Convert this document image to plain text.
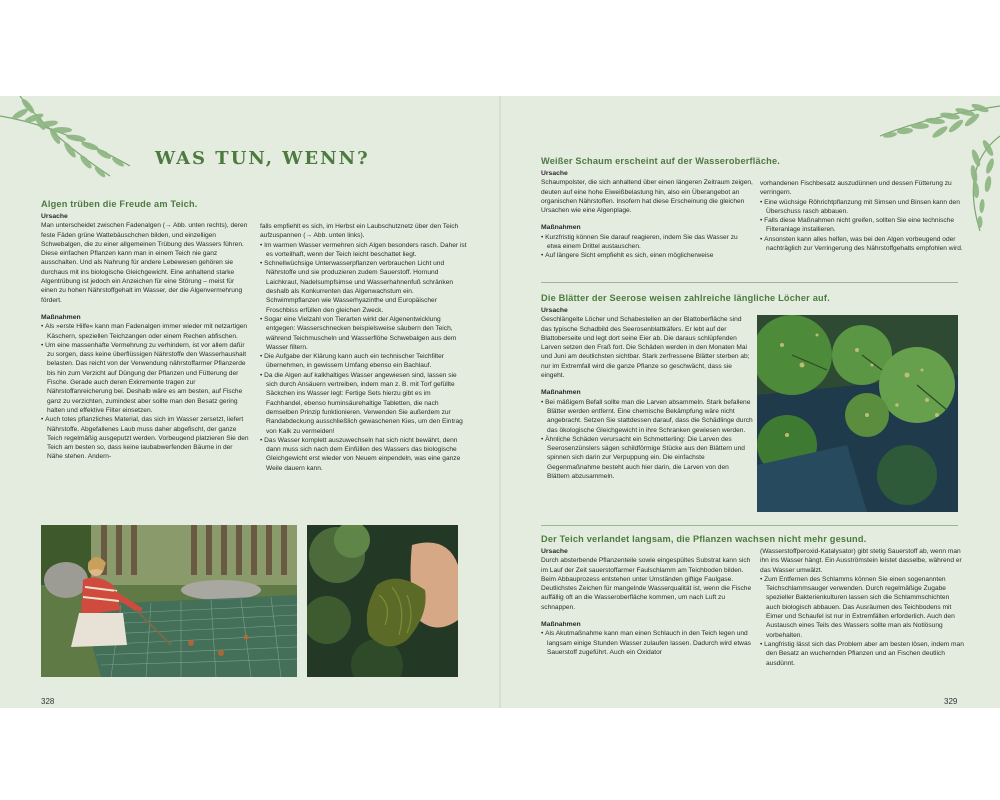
WAS TUN, WENN?
Algen trüben die Freude am Teich.
Ursache

Man unterscheidet zwischen Fadenalgen (→ Abb. unten rechts), deren feste Fäden grüne Wattebäuschchen bilden, und einzelligen Schwebalgen, die zu einer allgemeinen Trübung des Wassers führen. Diese einfachen Pflanzen kann man in einem Teich nie ganz ausschalten. Und als Nahrung für andere Lebewesen gehören sie durchaus mit ins biologische Gleichgewicht. Eine anhaltend starke Algentrübung ist jedoch ein Anzeichen für eine Störung – meist für einen zu hohen Nährstoffgehalt im Wasser, der die Algenvermehrung fördert.

Maßnahmen
• Als »erste Hilfe« kann man Fadenalgen immer wieder mit netzartigen Käschern, speziellen Teichzangen oder einem Rechen abfischen.
• Um eine massenhafte Vermehrung zu verhindern, ist vor allem dafür zu sorgen, dass keine überflüssigen Nährstoffe den Wasserhaushalt belasten. Das reicht von der Verwendung nährstoffarmer Pflanzerde bis hin zum Verzicht auf Düngung der Pflanzen und Fütterung der Fische. Gerade auch deren Exkremente tragen zur Nährstoffanreicherung bei. Deshalb wäre es am besten, auf Fische ganz zu verzichten, zumindest aber sollte man den Besatz gering halten und effektive Filter einsetzen.
• Auch totes pflanzliches Material, das sich im Wasser zersetzt, liefert Nährstoffe. Abgefallenes Laub muss daher abgefischt, der ganze Teich regelmäßig ausgeputzt werden. Vorbeugend platzieren Sie den Teich am besten so, dass keine laubabwerfenden Bäume in der Nähe stehen. Andern-

falls empfiehlt es sich, im Herbst ein Laubschutznetz über den Teich aufzuspannen (→ Abb. unten links).

• Im warmen Wasser vermehren sich Algen besonders rasch. Daher ist es vorteilhaft, wenn der Teich leicht beschattet liegt.
• Schnellwüchsige Unterwasserpflanzen verbrauchen Licht und Nährstoffe und sie produzieren zudem Sauerstoff. Hornund Laichkraut, Nadelsumpfsimse und Wasserhahnenfuß schränken deshalb als Konkurrenten das Algenwachstum ein. Schwimmpflanzen wie Wasserhyazinthe und Europäischer Froschbiss erfüllen den gleichen Zweck.
• Sogar eine Vielzahl von Tierarten wirkt der Algenentwicklung entgegen: Wasserschnecken beispielsweise säubern den Teich, während Teichmuscheln und Wasserflöhe Schwebalgen aus dem Wasser filtern.
• Die Aufgabe der Klärung kann auch ein technischer Teichfilter übernehmen, in gewissem Umfang ebenso ein Bachlauf.
• Da die Algen auf kalkhaltiges Wasser angewiesen sind, lassen sie sich durch Ansäuern vertreiben, indem man z. B. mit Torf gefüllte Säckchen ins Wasser legt: Fertige Sets hierzu gibt es im Fachhandel, ebenso huminsäurehaltige Tabletten, die nach demselben Prinzip funktionieren. Verwenden Sie außerdem zur Randabdeckung ausschließlich gewaschenen Kies, um den Eintrag von Kalk zu vermeiden!
• Das Wasser komplett auszuwechseln hat sich nicht bewährt, denn dann muss sich nach dem Einfüllen des Wassers das biologische Gleichgewicht erst wieder von Neuem einpendeln, was eine ganze Weile dauern kann.
328
Weißer Schaum erscheint auf der Wasseroberfläche.
Ursache

Schaumpolster, die sich anhaltend über einen längeren Zeitraum zeigen, deuten auf eine hohe Eiweißbelastung hin, also ein Überangebot an organischen Nährstoffen. Insofern hat diese Erscheinung die gleichen Ursachen wie eine Algenplage.

Maßnahmen
• Kurzfristig können Sie darauf reagieren, indem Sie das Wasser zu etwa einem Drittel austauschen.
• Auf längere Sicht empfiehlt es sich, einen möglicherweise

vorhandenen Fischbesatz auszudünnen und dessen Fütterung zu verringern.

• Eine wüchsige Röhrichtpflanzung mit Simsen und Binsen kann den Überschuss rasch abbauen.
• Falls diese Maßnahmen nicht greifen, sollten Sie eine technische Filteranlage installieren.
• Ansonsten kann alles helfen, was bei den Algen vorbeugend oder nachträglich zur Verringerung des Nährstoffgehalts empfohlen wird.
Die Blätter der Seerose weisen zahlreiche längliche Löcher auf.
Ursache

Geschlängelte Löcher und Schabestellen an der Blattoberfläche sind das typische Schadbild des Seerosenblattkäfers. Er lebt auf der Blattoberseite und legt dort seine Eier ab. Die daraus schlüpfenden Larven setzen den Fraß fort. Die Schäden werden in den Monaten Mai und Juni am deutlichsten sichtbar. Stark zerfressene Blätter sterben ab; nur im Extremfall wird die ganze Pflanze so geschwächt, dass sie eingeht.

Maßnahmen
• Bei mäßigem Befall sollte man die Larven absammeln. Stark befallene Blätter werden entfernt. Eine chemische Bekämpfung wäre nicht angebracht. Setzen Sie stattdessen darauf, dass die Schädlinge durch das ökologische Gleichgewicht in ihre Schranken gewiesen werden.
• Ähnliche Schäden verursacht ein Schmetterling: Die Larven des Seerosenzünslers sägen schildförmige Stücke aus den Blättern und spinnen sich darin zur Verpuppung ein. Die einfachste Gegenmaßnahme besteht auch hier darin, die Larven von den Blättern abzusammeln.
Der Teich verlandet langsam, die Pflanzen wachsen nicht mehr gesund.
Ursache

Durch absterbende Pflanzenteile sowie eingespültes Substrat kann sich im Lauf der Zeit sauerstoffarmer Faulschlamm am Teichboden bilden. Beim Abbauprozess entstehen unter Umständen giftige Faulgase. Deutlichstes Zeichen für mangelnde Wasserqualität ist, wenn die Fische auffällig oft an die Wasseroberfläche kommen, um nach Luft zu schnappen.

Maßnahmen
• Als Akutmaßnahme kann man einen Schlauch in den Teich legen und langsam einige Stunden Wasser zulaufen lassen. Dadurch wird etwas Sauerstoff zugeführt. Auch ein Oxidator

(Wasserstoffperoxid-Katalysator) gibt stetig Sauerstoff ab, wenn man ihn ins Wasser hängt. Ein Ausströmstein leistet dasselbe, während er das Wasser umwälzt.

• Zum Entfernen des Schlamms können Sie einen sogenannten Teichschlammsauger verwenden. Durch regelmäßige Zugabe spezieller Bakterienkulturen lassen sich die Schlammschichten auch biologisch abbauen. Das Ausräumen des Teichbodens mit Eimer und Schaufel ist nur in Extremfällen erforderlich. Auch den Austausch eines Teils des Wassers sollte man als Notlösung vorbehalten.
• Langfristig lässt sich das Problem aber am besten lösen, indem man den Besatz an wuchernden Pflanzen und an Fischen deutlich ausdünnt.
329
